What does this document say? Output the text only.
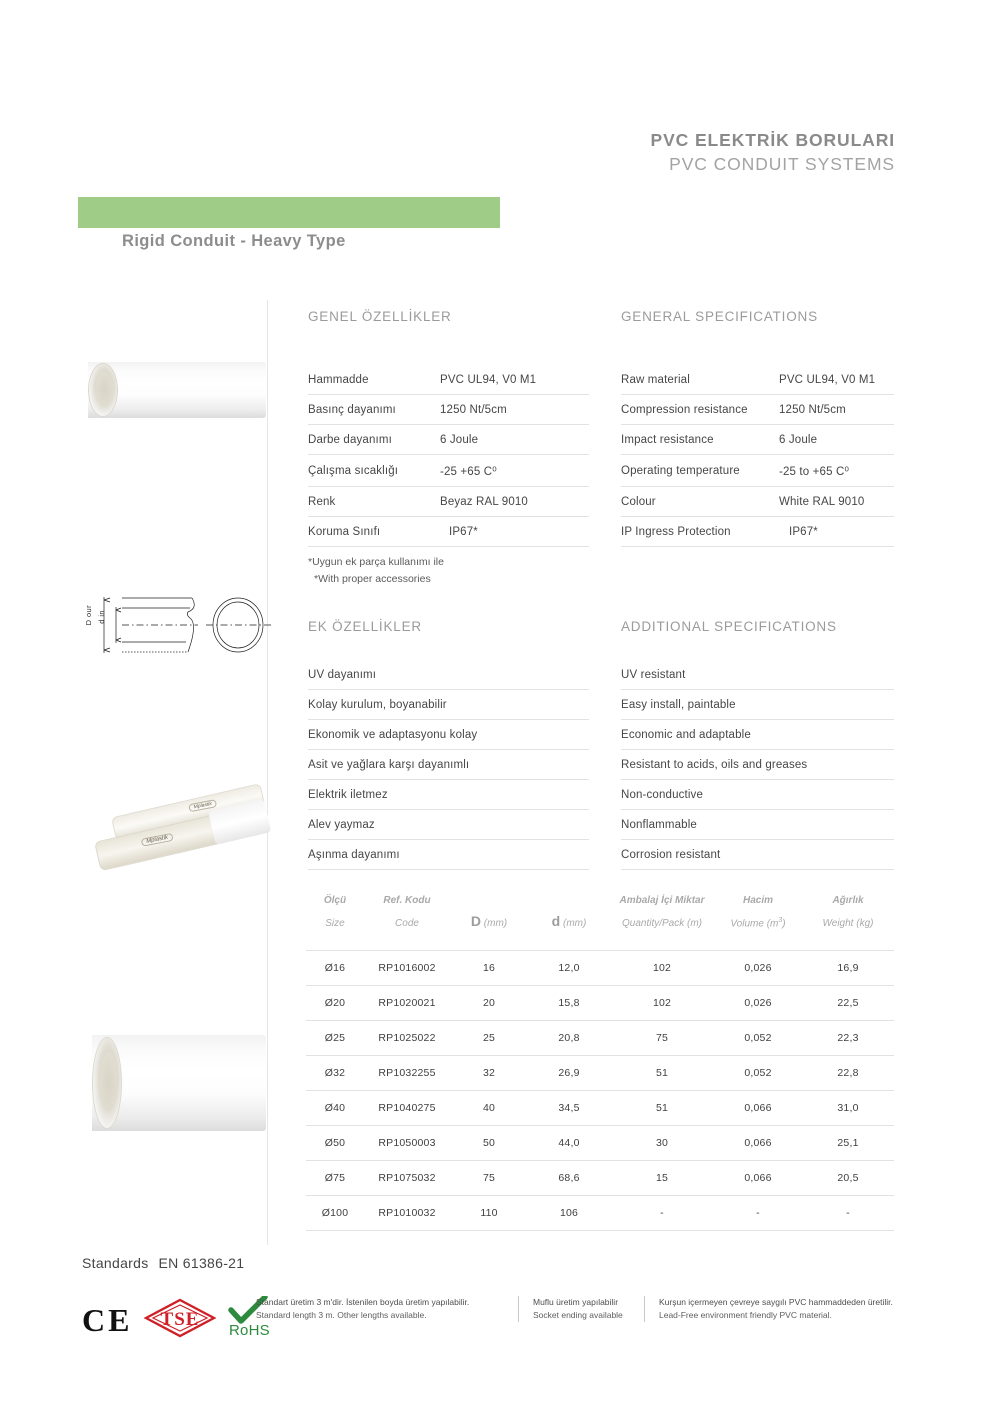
PVC ELEKTRİK BORULARI
PVC CONDUIT SYSTEMS
Düz Boru - Ağır Seri
Rigid Conduit - Heavy Type
D our d in
Mplastik
Mplastik
GENEL ÖZELLİKLER	GENERAL SPECIFICATIONS
Hammadde	PVC UL94, V0 M1
Basınç dayanımı	1250 Nt/5cm
Darbe dayanımı	6 Joule
Çalışma sıcaklığı	-25 +65 C⁰
Renk	Beyaz RAL 9010
Koruma Sınıfı	IP67*
Raw material	PVC UL94, V0 M1
Compression resistance	1250 Nt/5cm
Impact resistance	6 Joule
Operating temperature	-25 to +65 C⁰
Colour	White RAL 9010
IP Ingress Protection	IP67*
*Uygun ek parça kullanımı ile
*With proper accessories
EK ÖZELLİKLER	ADDITIONAL SPECIFICATIONS
UV dayanımı
Kolay kurulum, boyanabilir
Ekonomik ve adaptasyonu kolay
Asit ve yağlara karşı dayanımlı
Elektrik iletmez
Alev yaymaz
Aşınma dayanımı
UV resistant
Easy install, paintable
Economic and adaptable
Resistant to acids, oils and greases
Non-conductive
Nonflammable
Corrosion resistant
Ölçü	Ref. Kodu			Ambalaj İçi Miktar	Hacim	Ağırlık

Size	Code	D (mm)	d (mm)	Quantity/Pack (m)	Volume $(m^3)$	Weight (kg)

Ø16	RP1016002	16	12,0	102	0,026	16,9
Ø20	RP1020021	20	15,8	102	0,026	22,5
Ø25	RP1025022	25	20,8	75	0,052	22,3
Ø32	RP1032255	32	26,9	51	0,052	22,8
Ø40	RP1040275	40	34,5	51	0,066	31,0
Ø50	RP1050003	50	44,0	30	0,066	25,1
Ø75	RP1075032	75	68,6	15	0,066	20,5
Ø100	RP1010032	110	106	-	-	-
Standards EN 61386-21
CE TSE
RoHS
Standart üretim 3 m'dir. İstenilen boyda üretim yapılabilir.
Standard length 3 m. Other lengths available.
Muflu üretim yapılabilir
Socket ending available
Kurşun içermeyen çevreye saygılı PVC hammaddeden üretilir.
Lead-Free environment friendly PVC material.
